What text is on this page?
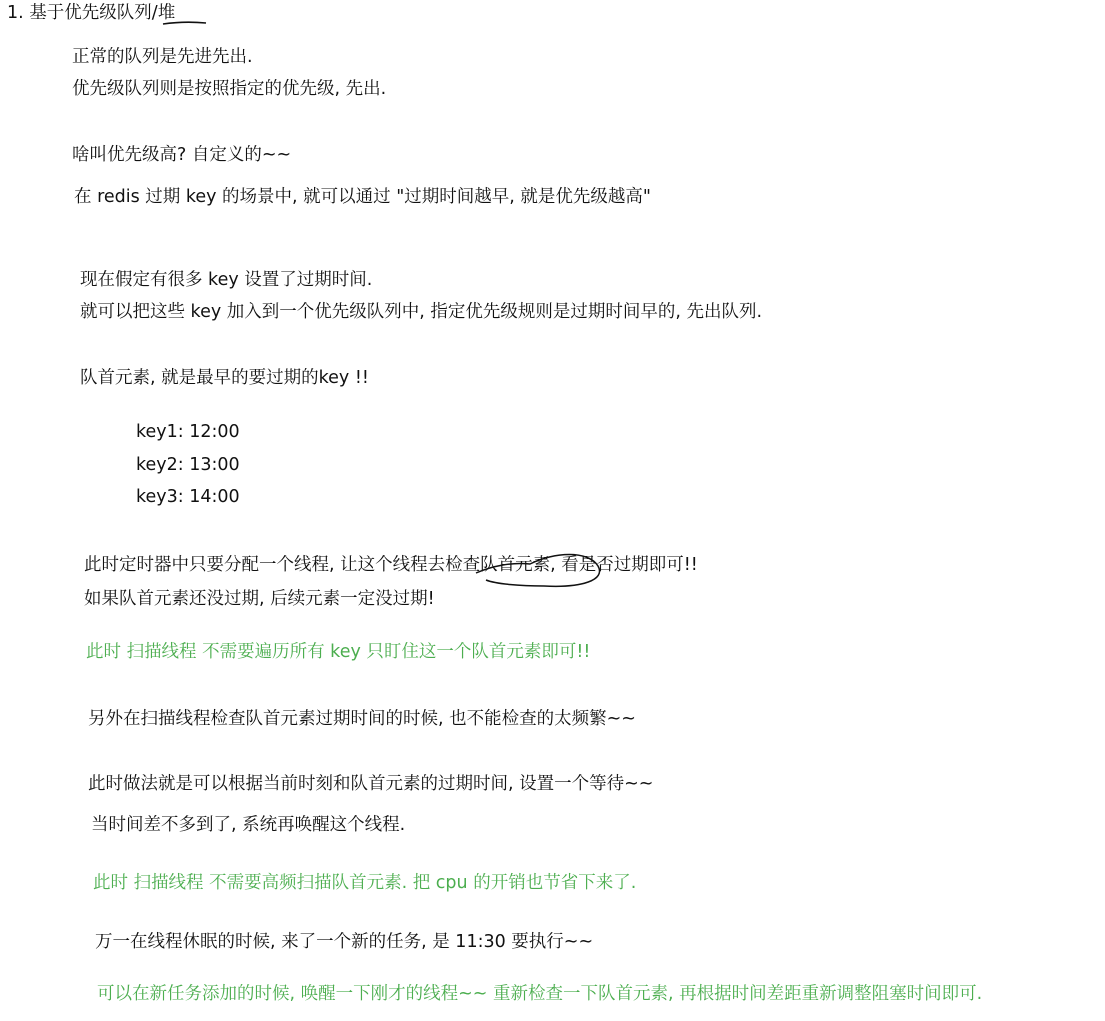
1. 基于优先级队列/堆

正常的队列是先进先出.

优先级队列则是按照指定的优先级, 先出.

啥叫优先级高? 自定义的~~

在 redis 过期 key 的场景中, 就可以通过 "过期时间越早, 就是优先级越高"

现在假定有很多 key 设置了过期时间.

就可以把这些 key 加入到一个优先级队列中, 指定优先级规则是过期时间早的, 先出队列.

队首元素, 就是最早的要过期的key !!

key1: 12:00
key2: 13:00
key3: 14:00

此时定时器中只要分配一个线程, 让这个线程去检查队首元素, 看是否过期即可!!

如果队首元素还没过期, 后续元素一定没过期!

此时 扫描线程 不需要遍历所有 key 只盯住这一个队首元素即可!!

另外在扫描线程检查队首元素过期时间的时候, 也不能检查的太频繁~~

此时做法就是可以根据当前时刻和队首元素的过期时间, 设置一个等待~~

当时间差不多到了, 系统再唤醒这个线程.

此时 扫描线程 不需要高频扫描队首元素. 把 cpu 的开销也节省下来了.

万一在线程休眠的时候, 来了一个新的任务, 是 11:30 要执行~~

可以在新任务添加的时候, 唤醒一下刚才的线程~~ 重新检查一下队首元素, 再根据时间差距重新调整阻塞时间即可.
